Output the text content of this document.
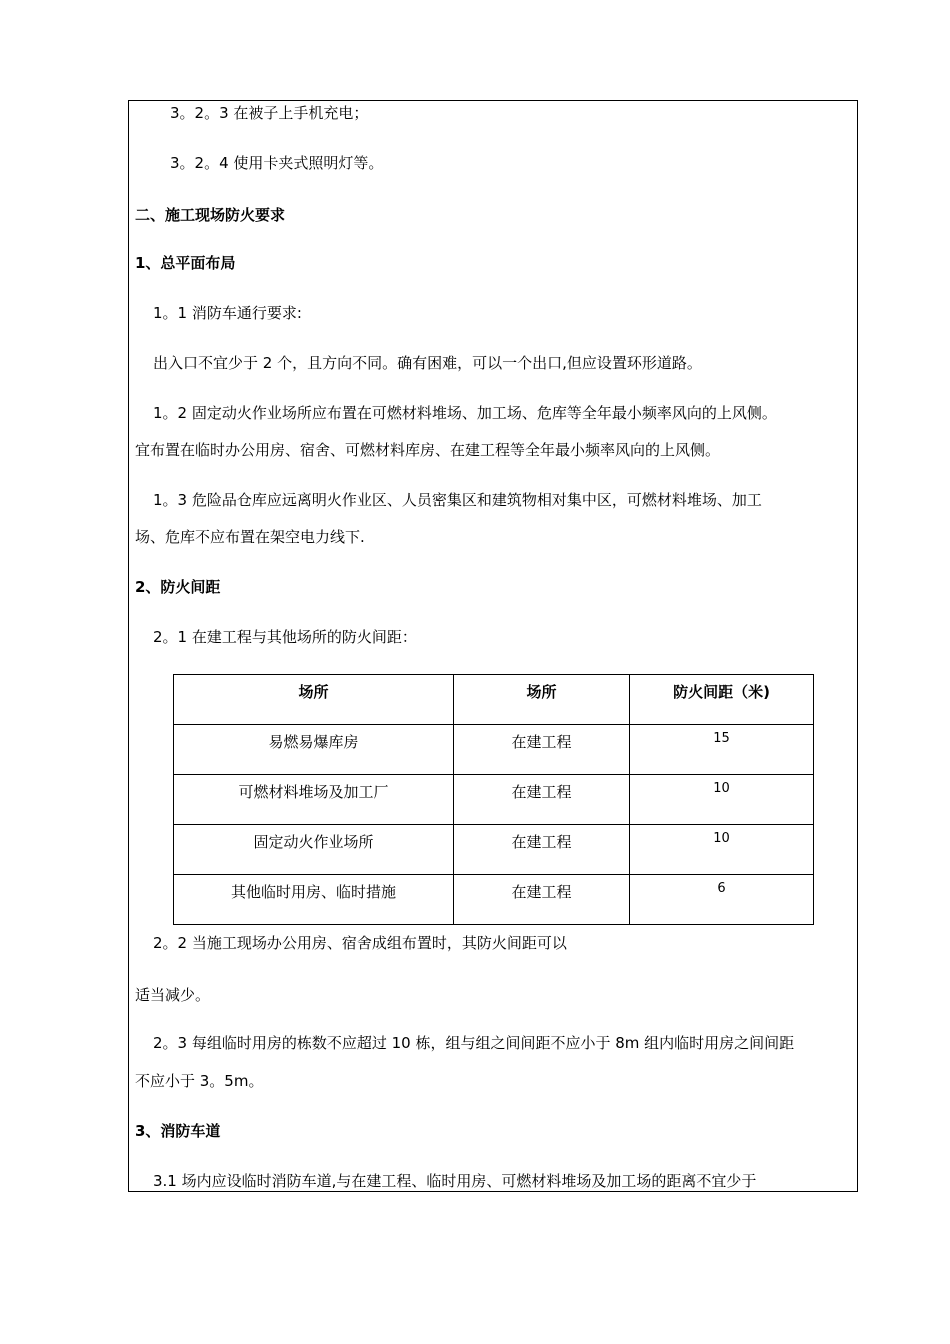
3。2。3 在被子上手机充电；
3。2。4 使用卡夹式照明灯等。
二、施工现场防火要求
1、总平面布局
1。1 消防车通行要求:
出入口不宜少于 2 个，且方向不同。确有困难，可以一个出口,但应设置环形道路。
1。2 固定动火作业场所应布置在可燃材料堆场、加工场、危库等全年最小频率风向的上风侧。
宜布置在临时办公用房、宿舍、可燃材料库房、在建工程等全年最小频率风向的上风侧。
1。3 危险品仓库应远离明火作业区、人员密集区和建筑物相对集中区，可燃材料堆场、加工
场、危库不应布置在架空电力线下.
2、防火间距
2。1 在建工程与其他场所的防火间距：
场所	场所	防火间距（米)
易燃易爆库房	在建工程	15
可燃材料堆场及加工厂	在建工程	10
固定动火作业场所	在建工程	10
其他临时用房、临时措施	在建工程	6
2。2 当施工现场办公用房、宿舍成组布置时，其防火间距可以
适当减少。
2。3 每组临时用房的栋数不应超过 10 栋，组与组之间间距不应小于 8m 组内临时用房之间间距
不应小于 3。5m。
3、消防车道
3.1 场内应设临时消防车道,与在建工程、临时用房、可燃材料堆场及加工场的距离不宜少于
